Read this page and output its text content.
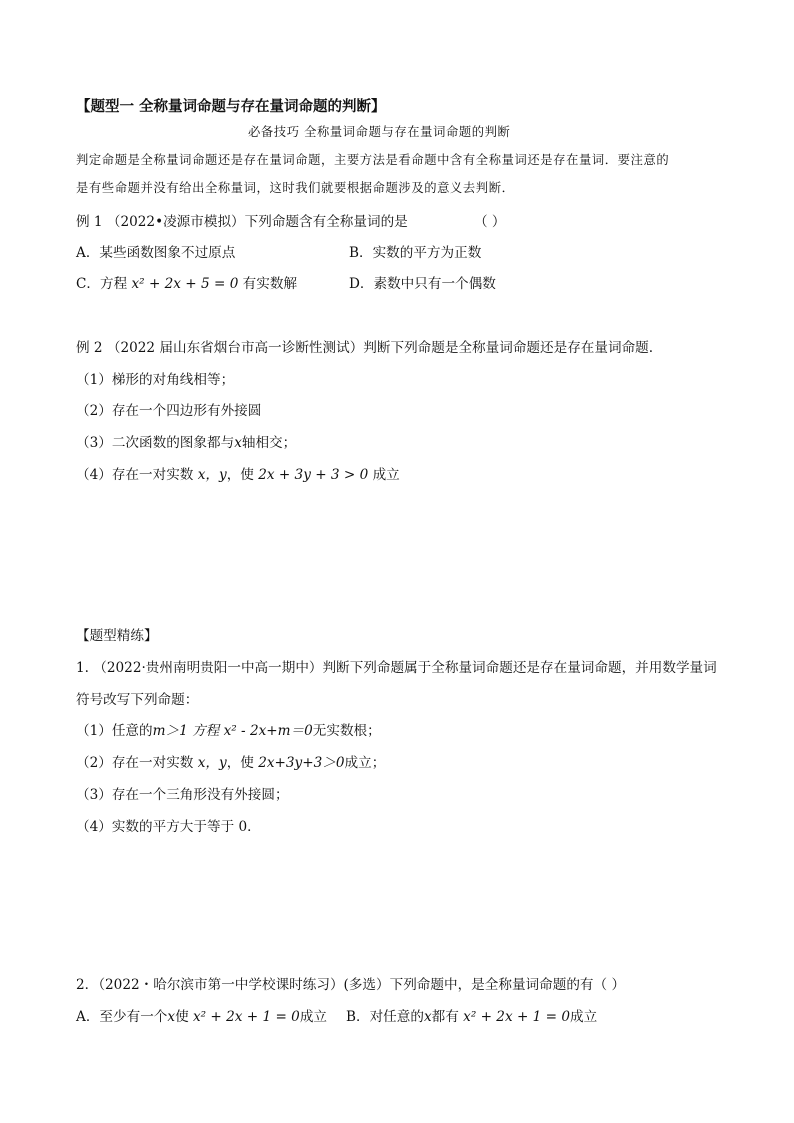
【题型一 全称量词命题与存在量词命题的判断】
必备技巧 全称量词命题与存在量词命题的判断
判定命题是全称量词命题还是存在量词命题，主要方法是看命题中含有全称量词还是存在量词．要注意的
是有些命题并没有给出全称量词，这时我们就要根据命题涉及的意义去判断．
例 1 （2022•凌源市模拟）下列命题含有全称量词的是	（ ）
A．某些函数图象不过原点	B．实数的平方为正数
C．方程 x² + 2x + 5 = 0 有实数解	D．素数中只有一个偶数
例 2 （2022 届山东省烟台市高一诊断性测试）判断下列命题是全称量词命题还是存在量词命题.
（1）梯形的对角线相等；
（2）存在一个四边形有外接圆
（3）二次函数的图象都与x轴相交；
（4）存在一对实数 x，y，使 2x + 3y + 3 > 0 成立
【题型精练】
1. （2022·贵州南明贵阳一中高一期中）判断下列命题属于全称量词命题还是存在量词命题，并用数学量词
符号改写下列命题：
（1）任意的m＞1 方程 x² - 2x+m＝0无实数根；
（2）存在一对实数 x，y，使 2x+3y+3＞0成立；
（3）存在一个三角形没有外接圆；
（4）实数的平方大于等于 0．
2．（2022・哈尔滨市第一中学校课时练习）(多选）下列命题中，是全称量词命题的有（ ）
A．至少有一个x使 x² + 2x + 1 = 0成立 B．对任意的x都有 x² + 2x + 1 = 0成立
